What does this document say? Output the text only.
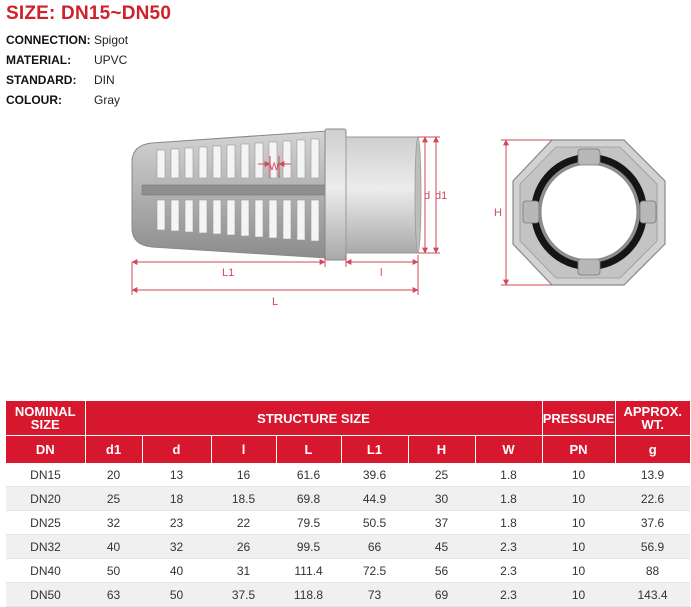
SIZE: DN15~DN50
CONNECTION: Spigot
MATERIAL: UPVC
STANDARD: DIN
COLOUR:	Gray
L
L1	l
W
d d1
H
NOMINAL SIZE	STRUCTURE SIZE							PRESSURE	APPROX. WT.
DN	d1	d	l	L	L1	H	W	PN	g
DN15	20	13	16	61.6	39.6	25	1.8	10	13.9
DN20	25	18	18.5	69.8	44.9	30	1.8	10	22.6
DN25	32	23	22	79.5	50.5	37	1.8	10	37.6
DN32	40	32	26	99.5	66	45	2.3	10	56.9
DN40	50	40	31	111.4	72.5	56	2.3	10	88
DN50	63	50	37.5	118.8	73	69	2.3	10	143.4
